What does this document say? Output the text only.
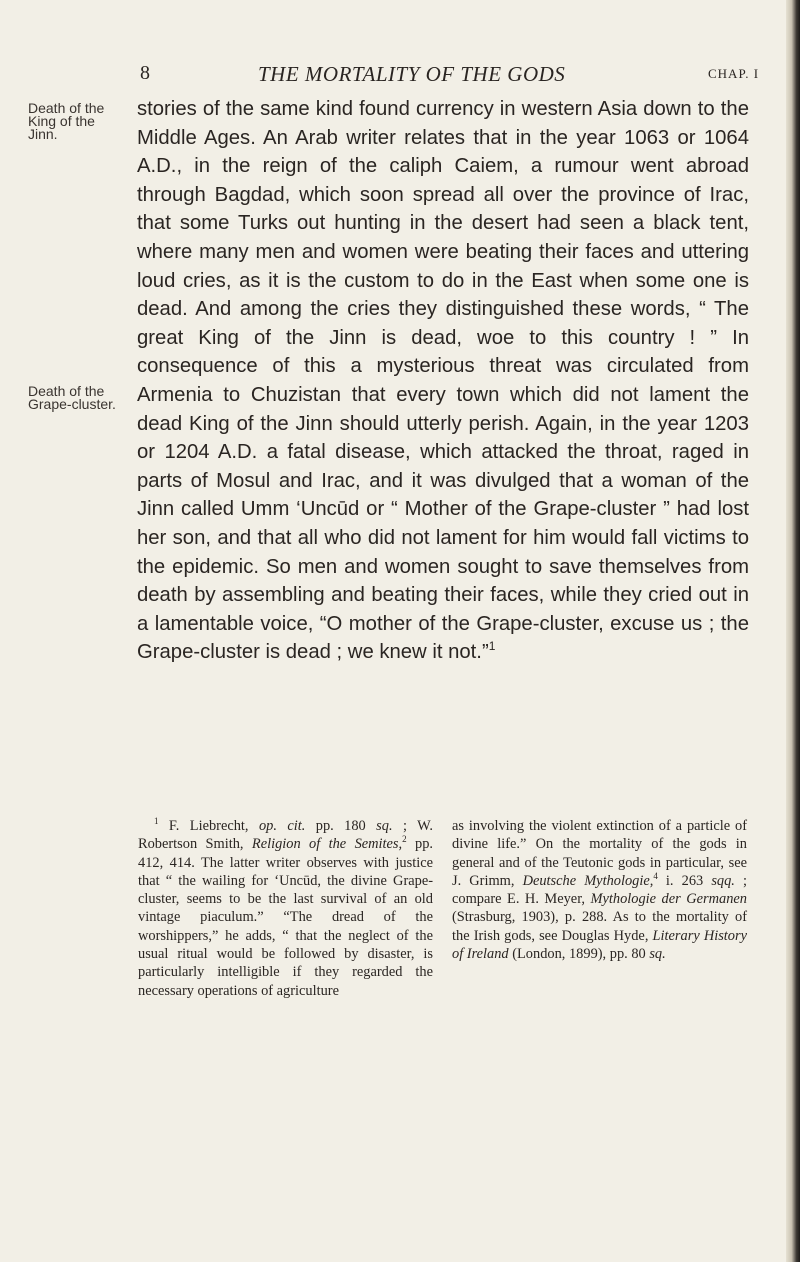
8	THE MORTALITY OF THE GODS	CHAP. I
Death of the King of the Jinn.
Death of the Grape-cluster.
stories of the same kind found currency in western Asia down to the Middle Ages. An Arab writer relates that in the year 1063 or 1064 A.D., in the reign of the caliph Caiem, a rumour went abroad through Bagdad, which soon spread all over the province of Irac, that some Turks out hunting in the desert had seen a black tent, where many men and women were beating their faces and uttering loud cries, as it is the custom to do in the East when some one is dead. And among the cries they distinguished these words, “ The great King of the Jinn is dead, woe to this country ! ” In consequence of this a mysterious threat was circulated from Armenia to Chuzistan that every town which did not lament the dead King of the Jinn should utterly perish. Again, in the year 1203 or 1204 A.D. a fatal disease, which attacked the throat, raged in parts of Mosul and Irac, and it was divulged that a woman of the Jinn called Umm ‘Uncūd or “ Mother of the Grape-cluster ” had lost her son, and that all who did not lament for him would fall victims to the epidemic. So men and women sought to save themselves from death by assembling and beating their faces, while they cried out in a lamentable voice, “O mother of the Grape-cluster, excuse us ; the Grape-cluster is dead ; we knew it not.”$^1$
$^1$ F. Liebrecht, op. cit. pp. 180 sq. ; W. Robertson Smith, Religion of the Semites,$^2$ pp. 412, 414. The latter writer observes with justice that “ the wailing for ‘Uncūd, the divine Grape-cluster, seems to be the last survival of an old vintage piaculum.” “The dread of the worshippers,” he adds, “ that the neglect of the usual ritual would be followed by disaster, is particularly intelligible if they regarded the necessary operations of agriculture
as involving the violent extinction of a particle of divine life.” On the mortality of the gods in general and of the Teutonic gods in particular, see J. Grimm, Deutsche Mythologie,$^4$ i. 263 sqq. ; compare E. H. Meyer, Mythologie der Germanen (Strasburg, 1903), p. 288. As to the mortality of the Irish gods, see Douglas Hyde, Literary History of Ireland (London, 1899), pp. 80 sq.
